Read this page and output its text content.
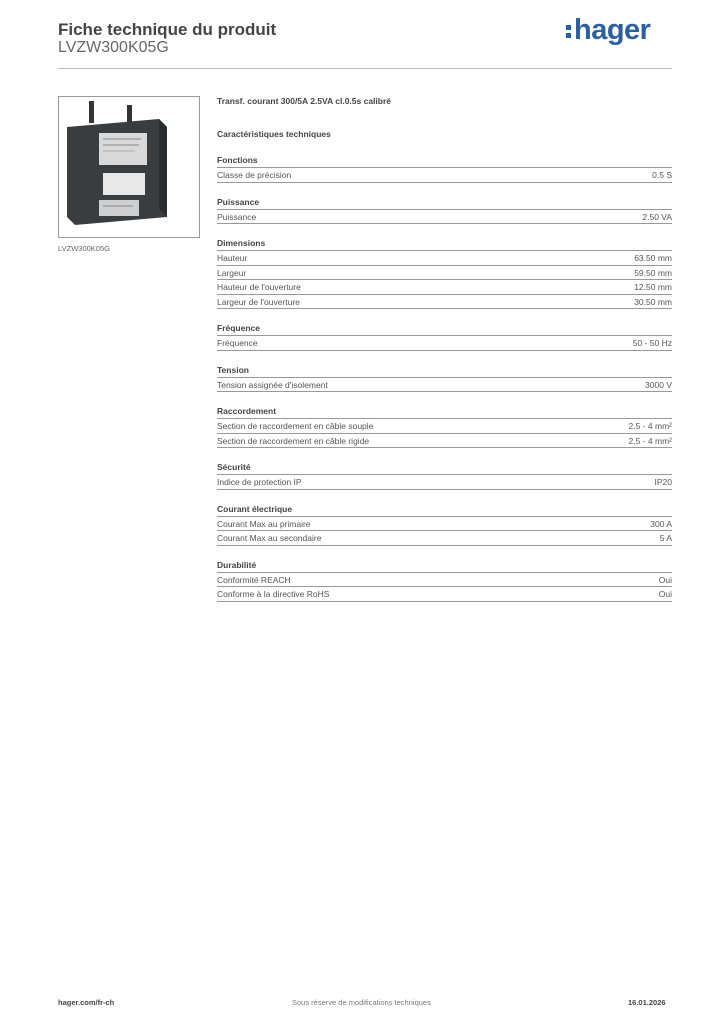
Fiche technique du produit
LVZW300K05G
hager
LVZW300K05G
Transf. courant 300/5A 2.5VA cl.0.5s calibré
Caractéristiques techniques
Fonctions
Classe de précision	0.5 S
Puissance
Puissance	2.50 VA
Dimensions
Hauteur	63.50 mm
Largeur	59.50 mm
Hauteur de l'ouverture	12.50 mm
Largeur de l'ouverture	30.50 mm
Fréquence
Fréquence	50 - 50 Hz
Tension
Tension assignée d'isolement	3000 V
Raccordement
Section de raccordement en câble souple	2.5 - 4 mm²
Section de raccordement en câble rigide	2.5 - 4 mm²
Sécurité
Indice de protection IP	IP20
Courant électrique
Courant Max au primaire	300 A
Courant Max au secondaire	5 A
Durabilité
Conformité REACH	Oui
Conforme à la directive RoHS	Oui
hager.com/fr-ch	Sous réserve de modifications techniques	16.01.2026
